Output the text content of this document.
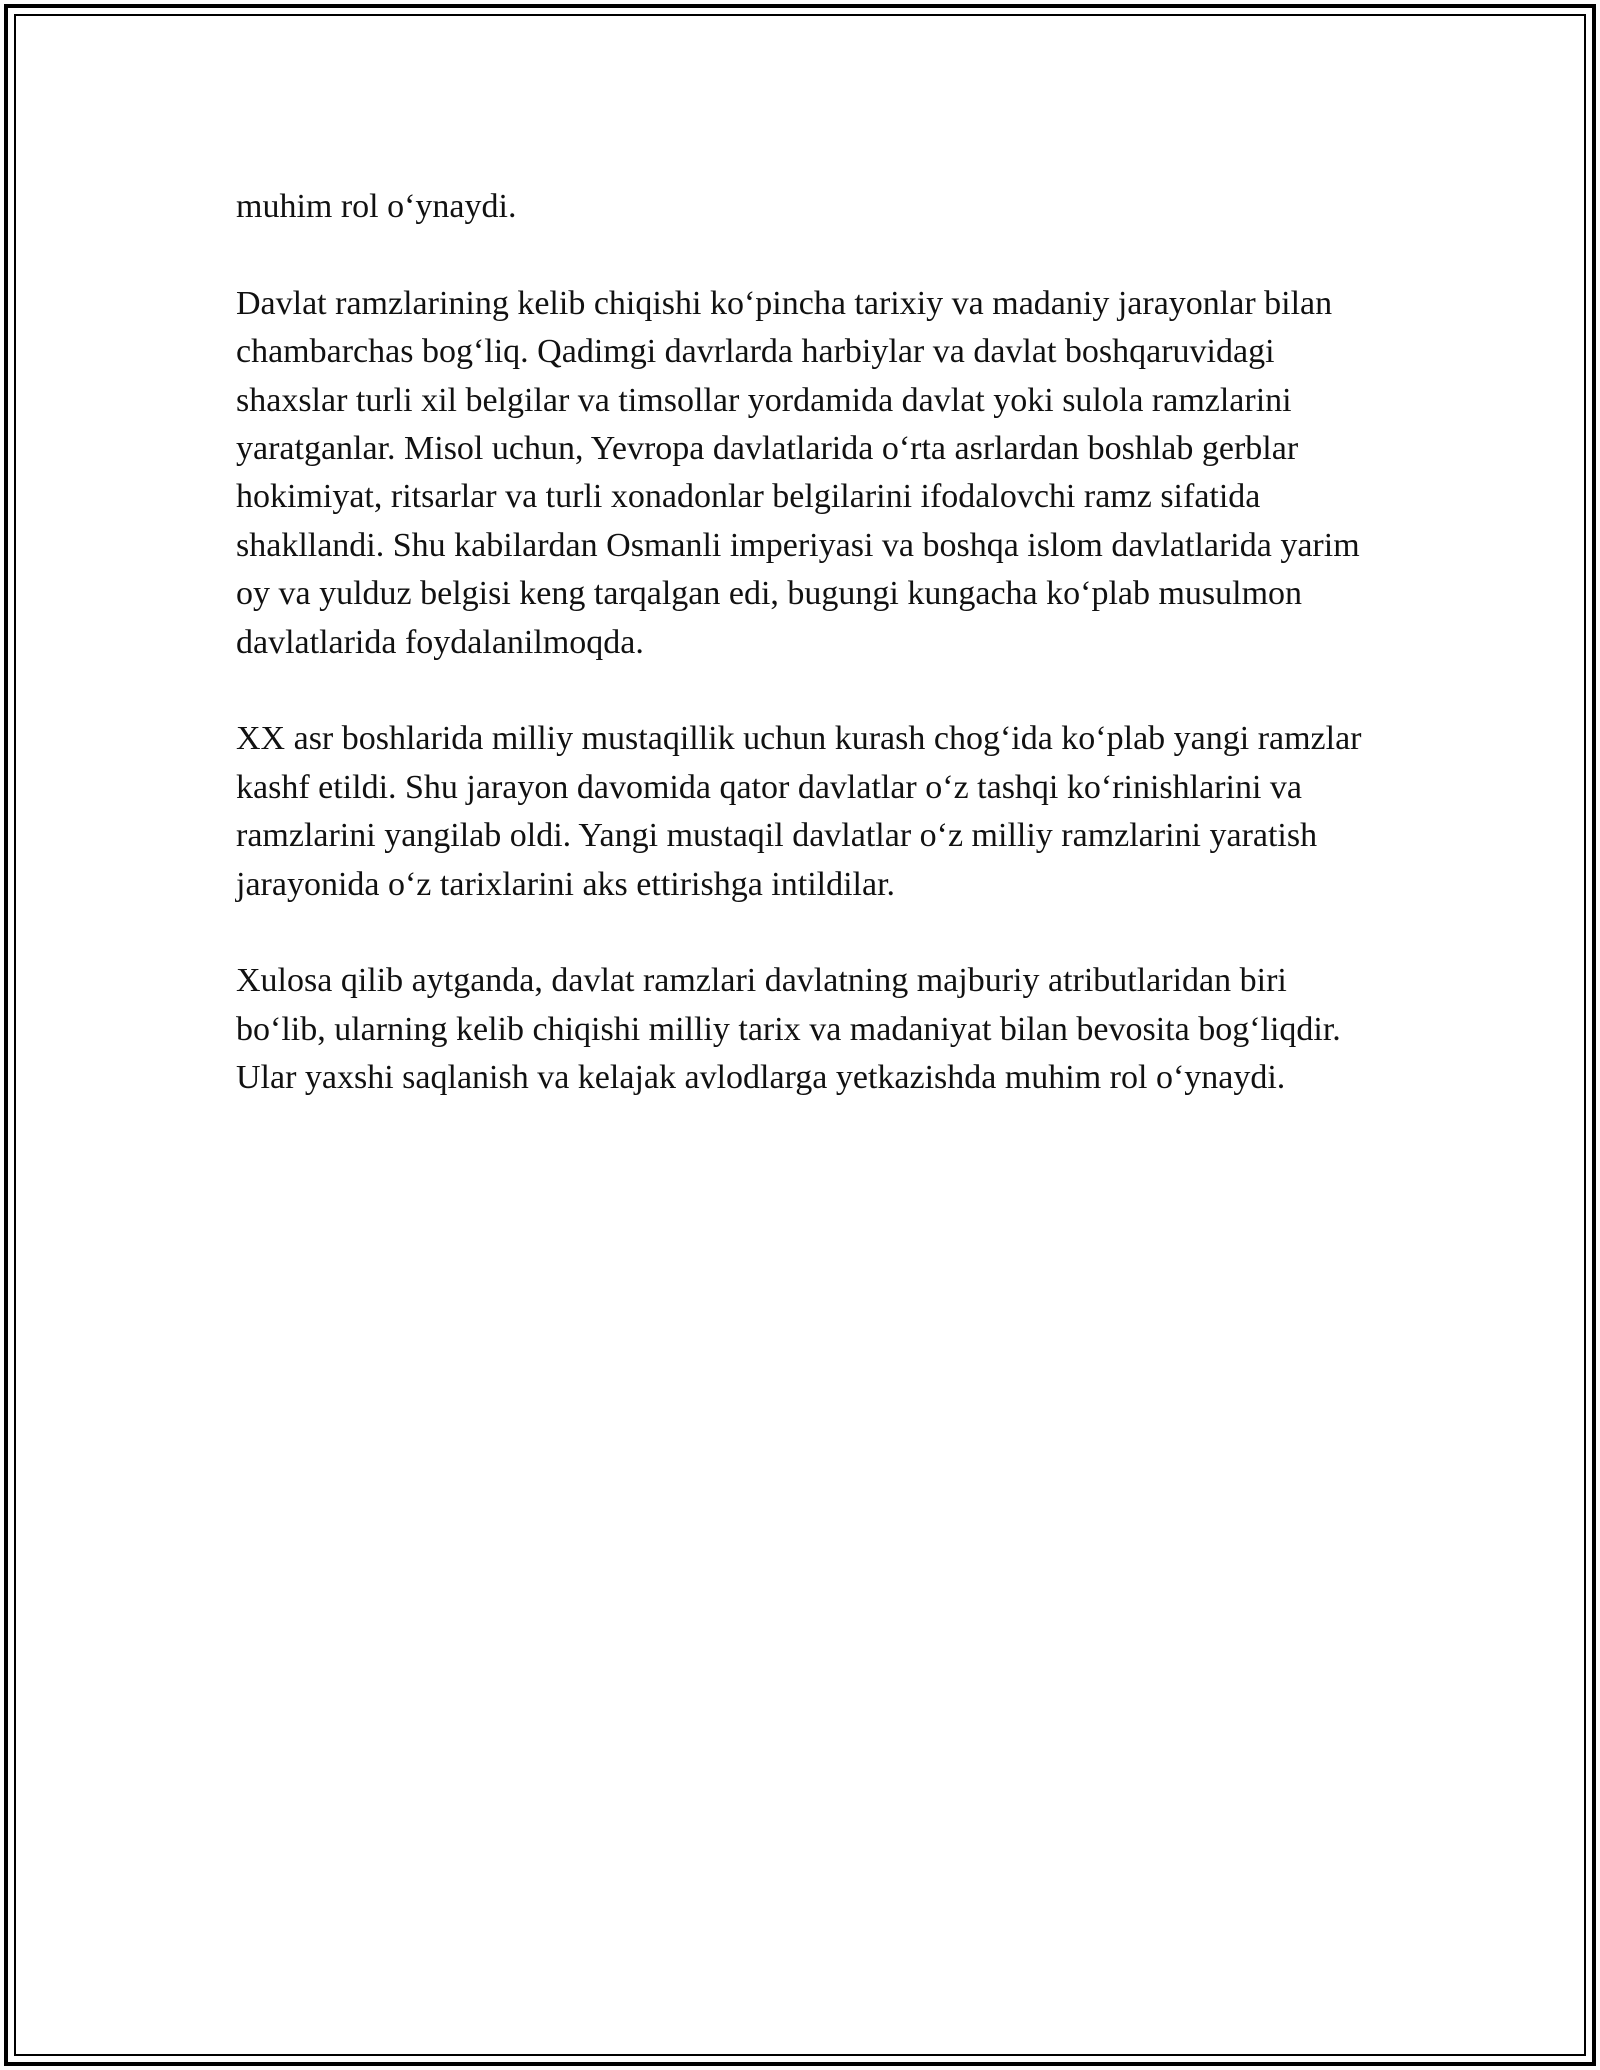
muhim rol o‘ynaydi.

Davlat ramzlarining kelib chiqishi ko‘pincha tarixiy va madaniy jarayonlar bilan chambarchas bog‘liq. Qadimgi davrlarda harbiylar va davlat boshqaruvidagi shaxslar turli xil belgilar va timsollar yordamida davlat yoki sulola ramzlarini yaratganlar. Misol uchun, Yevropa davlatlarida o‘rta asrlardan boshlab gerblar hokimiyat, ritsarlar va turli xonadonlar belgilarini ifodalovchi ramz sifatida shakllandi. Shu kabilardan Osmanli imperiyasi va boshqa islom davlatlarida yarim oy va yulduz belgisi keng tarqalgan edi, bugungi kungacha ko‘plab musulmon davlatlarida foydalanilmoqda.

XX asr boshlarida milliy mustaqillik uchun kurash chog‘ida ko‘plab yangi ramzlar kashf etildi. Shu jarayon davomida qator davlatlar o‘z tashqi ko‘rinishlarini va ramzlarini yangilab oldi. Yangi mustaqil davlatlar o‘z milliy ramzlarini yaratish jarayonida o‘z tarixlarini aks ettirishga intildilar.

Xulosa qilib aytganda, davlat ramzlari davlatning majburiy atributlaridan biri bo‘lib, ularning kelib chiqishi milliy tarix va madaniyat bilan bevosita bog‘liqdir. Ular yaxshi saqlanish va kelajak avlodlarga yetkazishda muhim rol o‘ynaydi.
